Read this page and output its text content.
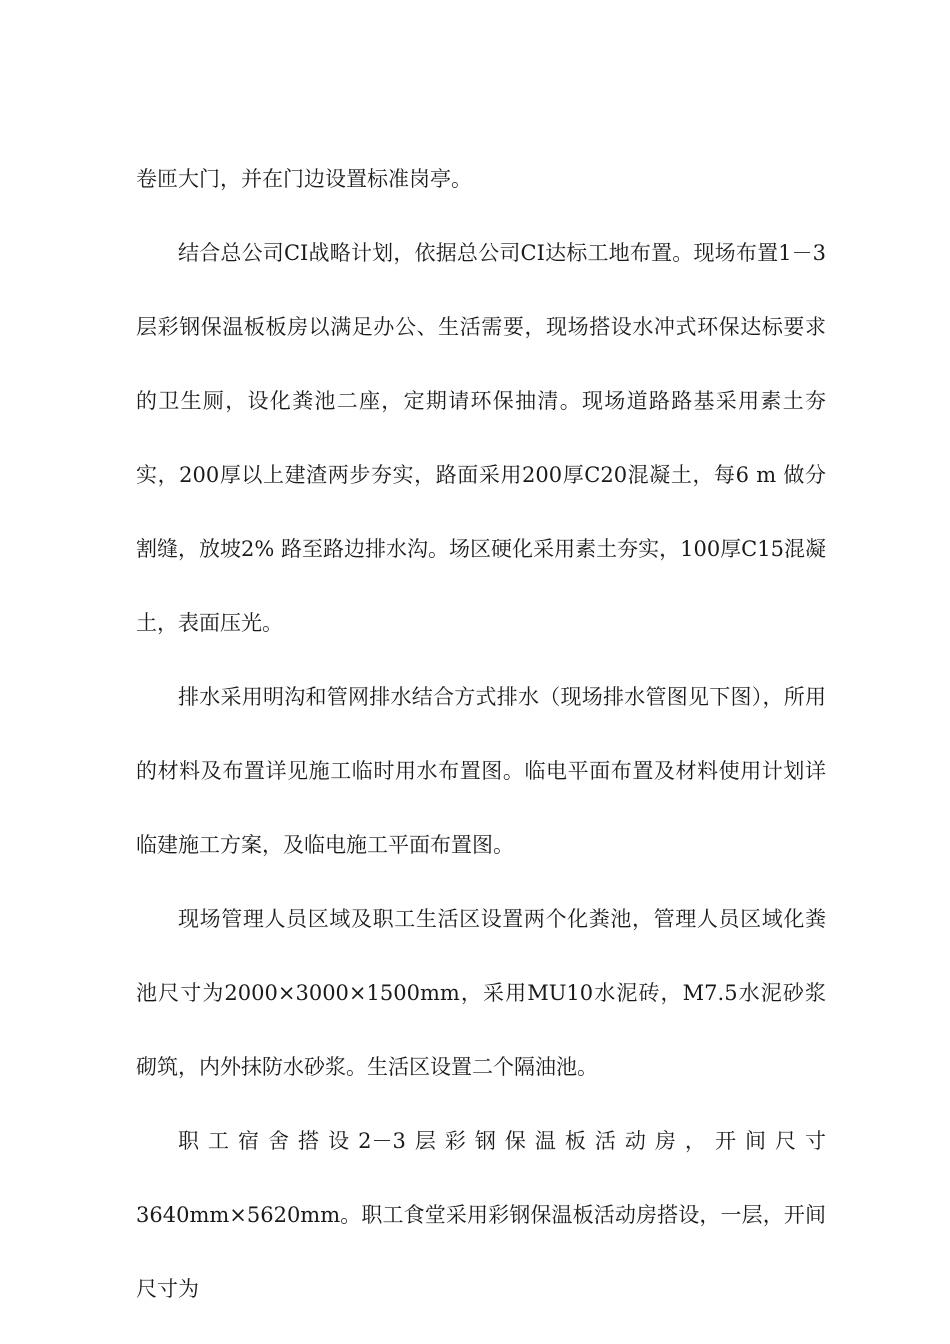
卷匝大门，并在门边设置标准岗亭。

结合总公司CI战略计划，依据总公司CI达标工地布置。现场布置1－3层彩钢保温板板房以满足办公、生活需要，现场搭设水冲式环保达标要求的卫生厕，设化粪池二座，定期请环保抽清。现场道路路基采用素土夯实，200厚以上建渣两步夯实，路面采用200厚C20混凝土，每6 m 做分割缝，放坡2% 路至路边排水沟。场区硬化采用素土夯实，100厚C15混凝土，表面压光。

排水采用明沟和管网排水结合方式排水（现场排水管图见下图），所用的材料及布置详见施工临时用水布置图。临电平面布置及材料使用计划详临建施工方案，及临电施工平面布置图。

现场管理人员区域及职工生活区设置两个化粪池，管理人员区域化粪池尺寸为2000×3000×1500mm，采用MU10水泥砖，M7.5水泥砂浆砌筑，内外抹防水砂浆。生活区设置二个隔油池。

职工宿舍搭设2－3层彩钢保温板活动房，开间尺寸3640mm×5620mm。职工食堂采用彩钢保温板活动房搭设，一层，开间尺寸为
